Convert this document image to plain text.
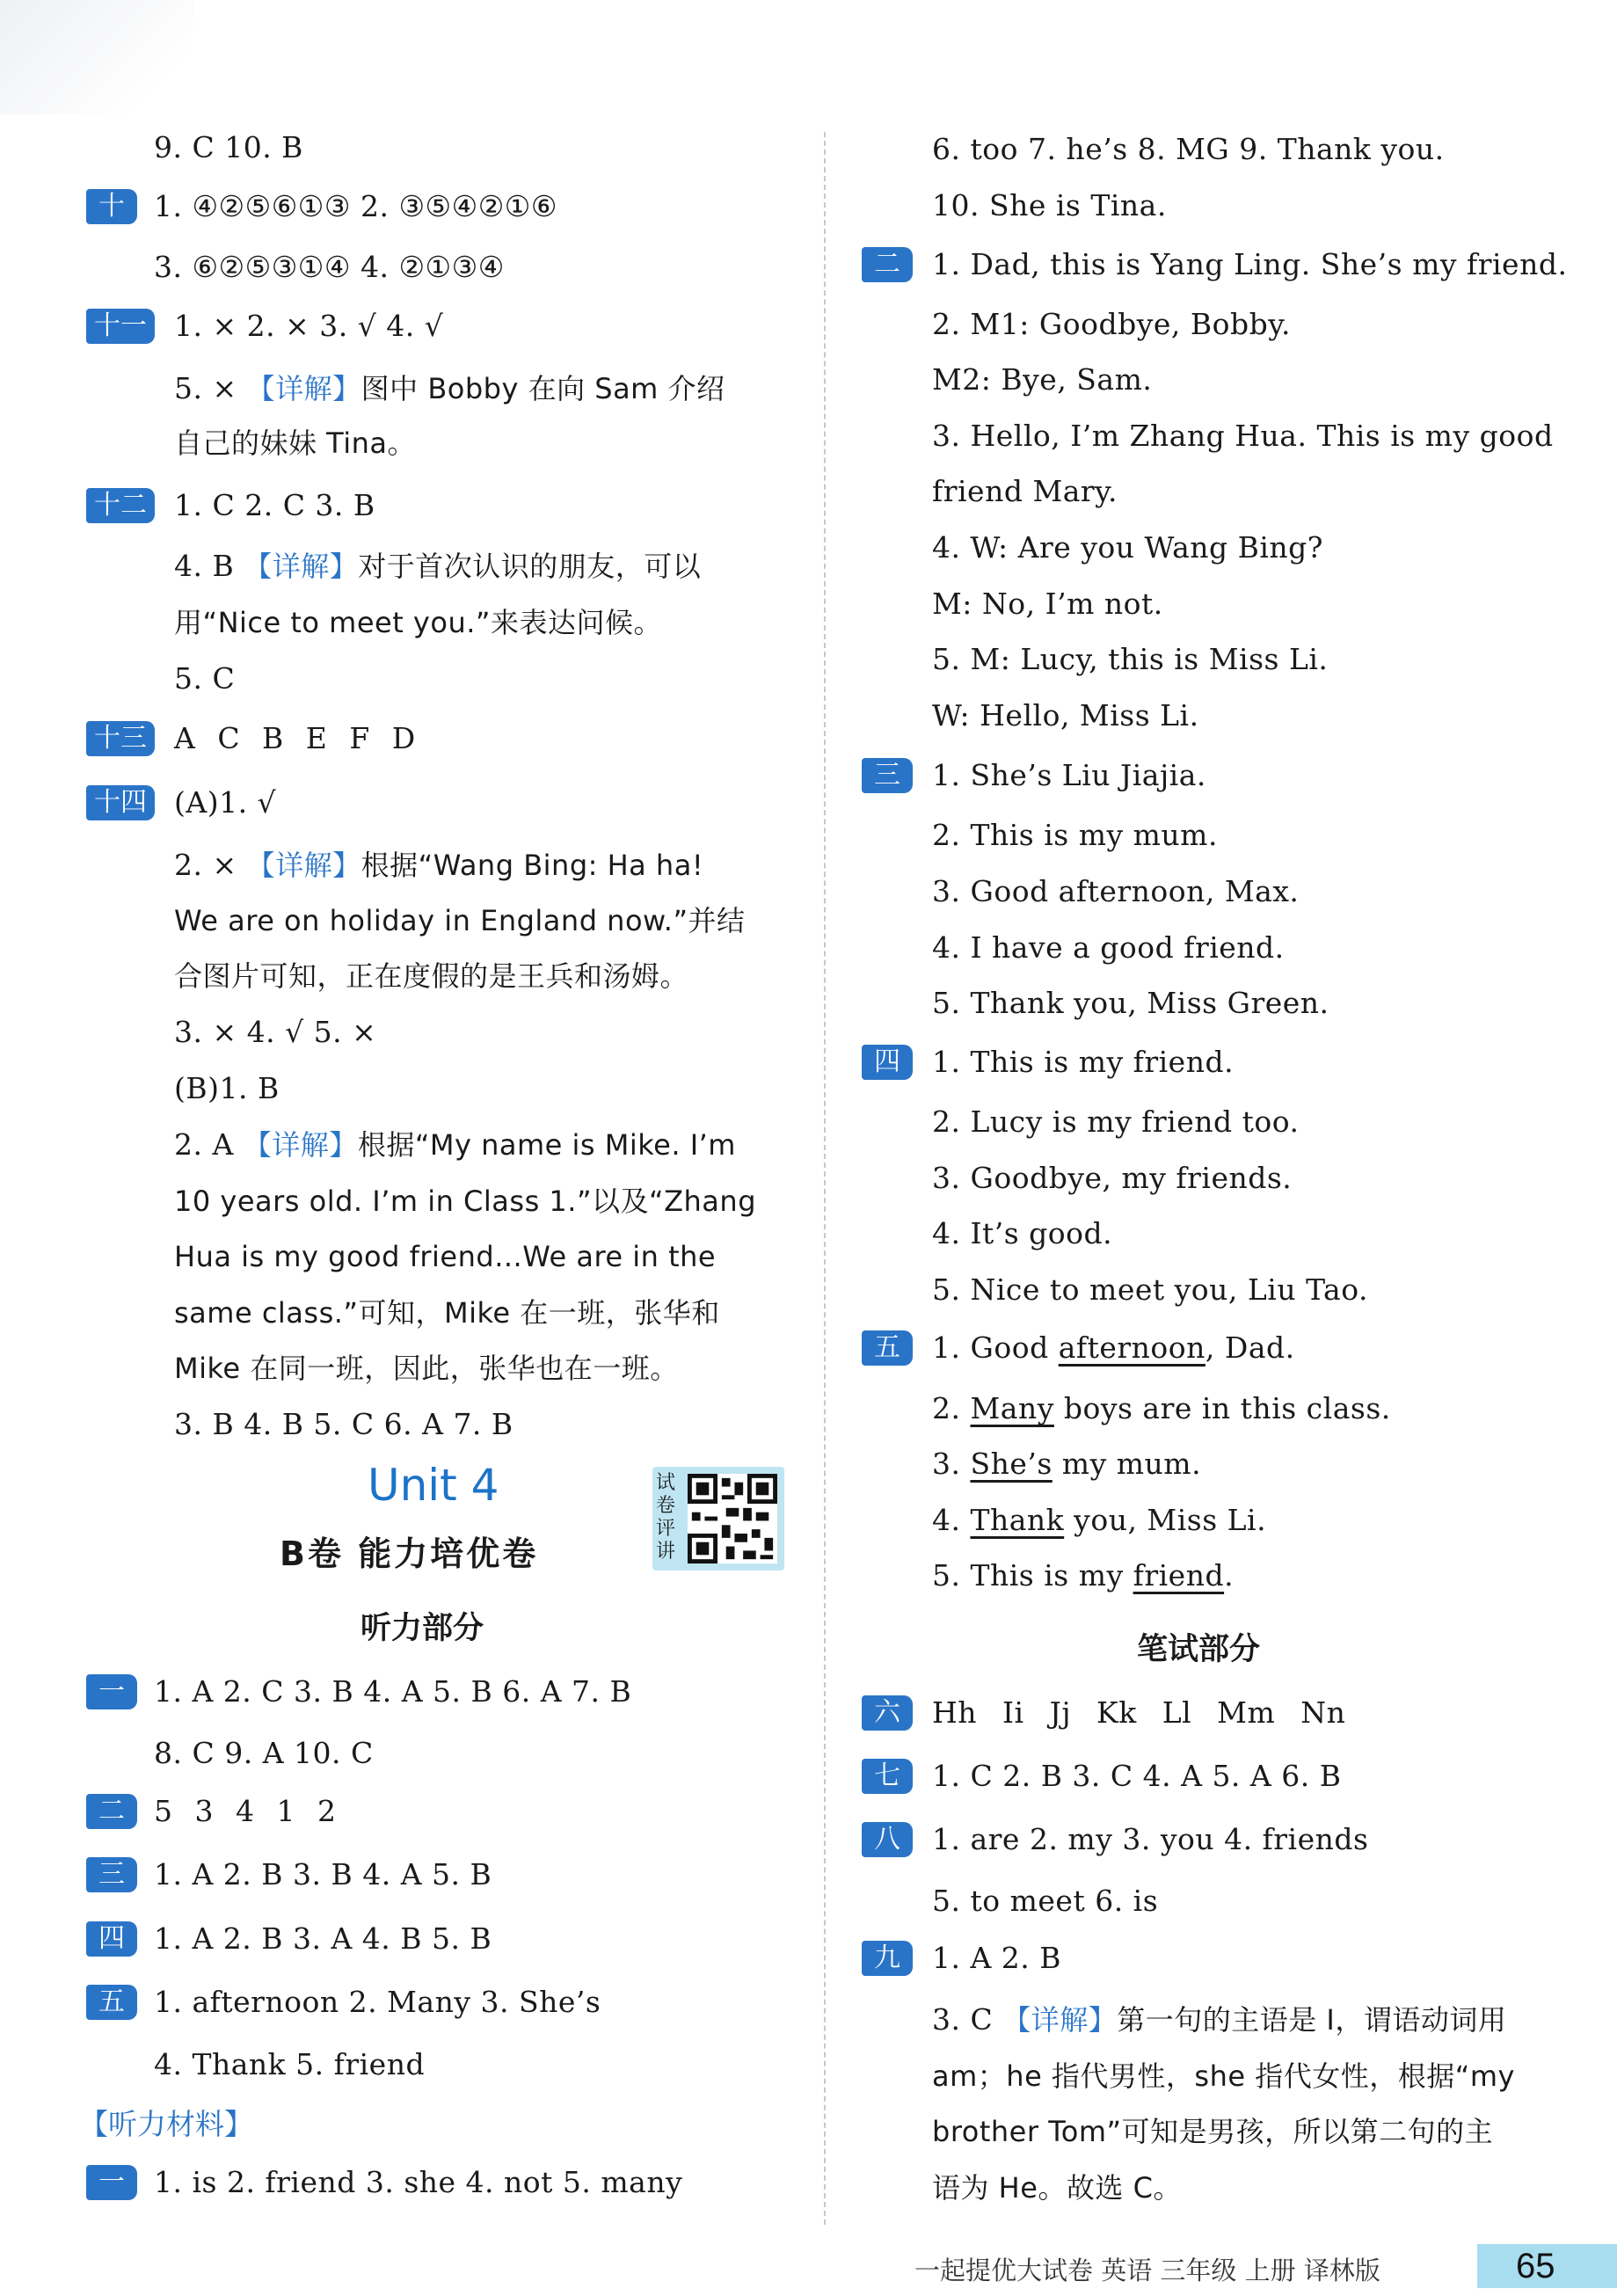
9. C 10. B
十	1. ④②⑤⑥①③ 2. ③⑤④②①⑥
3. ⑥②⑤③①④ 4. ②①③④
十一 1. × 2. × 3. √ 4. √
5. × 【详解】图中 Bobby 在向 Sam 介绍
自己的妹妹 Tina。
十二 1. C 2. C 3. B
4. B 【详解】对于首次认识的朋友，可以
用“Nice to meet you.”来表达问候。
5. C
十三 A C B E F D
十四 (A)1. √
2. × 【详解】根据“Wang Bing: Ha ha!
We are on holiday in England now.”并结
合图片可知，正在度假的是王兵和汤姆。
3. × 4. √ 5. ×
(B)1. B
2. A 【详解】根据“My name is Mike. I’m
10 years old. I’m in Class 1.”以及“Zhang
Hua is my good friend...We are in the
same class.”可知，Mike 在一班，张华和
Mike 在同一班，因此，张华也在一班。
3. B 4. B 5. C 6. A 7. B
Unit 4
B卷 能力培优卷
试卷评讲
听力部分
一	1. A 2. C 3. B 4. A 5. B 6. A 7. B
8. C 9. A 10. C
二	5 3 4 1 2
三	1. A 2. B 3. B 4. A 5. B
四	1. A 2. B 3. A 4. B 5. B
五	1. afternoon 2. Many 3. She’s
4. Thank 5. friend
【听力材料】
一	1. is 2. friend 3. she 4. not 5. many
6. too 7. he’s 8. MG 9. Thank you.
10. She is Tina.
二	1. Dad, this is Yang Ling. She’s my friend.
2. M1: Goodbye, Bobby.
M2: Bye, Sam.
3. Hello, I’m Zhang Hua. This is my good
friend Mary.
4. W: Are you Wang Bing?
M: No, I’m not.
5. M: Lucy, this is Miss Li.
W: Hello, Miss Li.
三	1. She’s Liu Jiajia.
2. This is my mum.
3. Good afternoon, Max.
4. I have a good friend.
5. Thank you, Miss Green.
四	1. This is my friend.
2. Lucy is my friend too.
3. Goodbye, my friends.
4. It’s good.
5. Nice to meet you, Liu Tao.
五	1. Good afternoon, Dad.
2. Many boys are in this class.
3. She’s my mum.
4. Thank you, Miss Li.
5. This is my friend.
笔试部分
六	Hh Ii Jj Kk Ll Mm Nn
七	1. C 2. B 3. C 4. A 5. A 6. B
八	1. are 2. my 3. you 4. friends
5. to meet 6. is
九	1. A 2. B
3. C 【详解】第一句的主语是 I，谓语动词用
am；he 指代男性，she 指代女性，根据“my
brother Tom”可知是男孩，所以第二句的主
语为 He。故选 C。
一起提优大试卷 英语 三年级 上册 译林版	65
